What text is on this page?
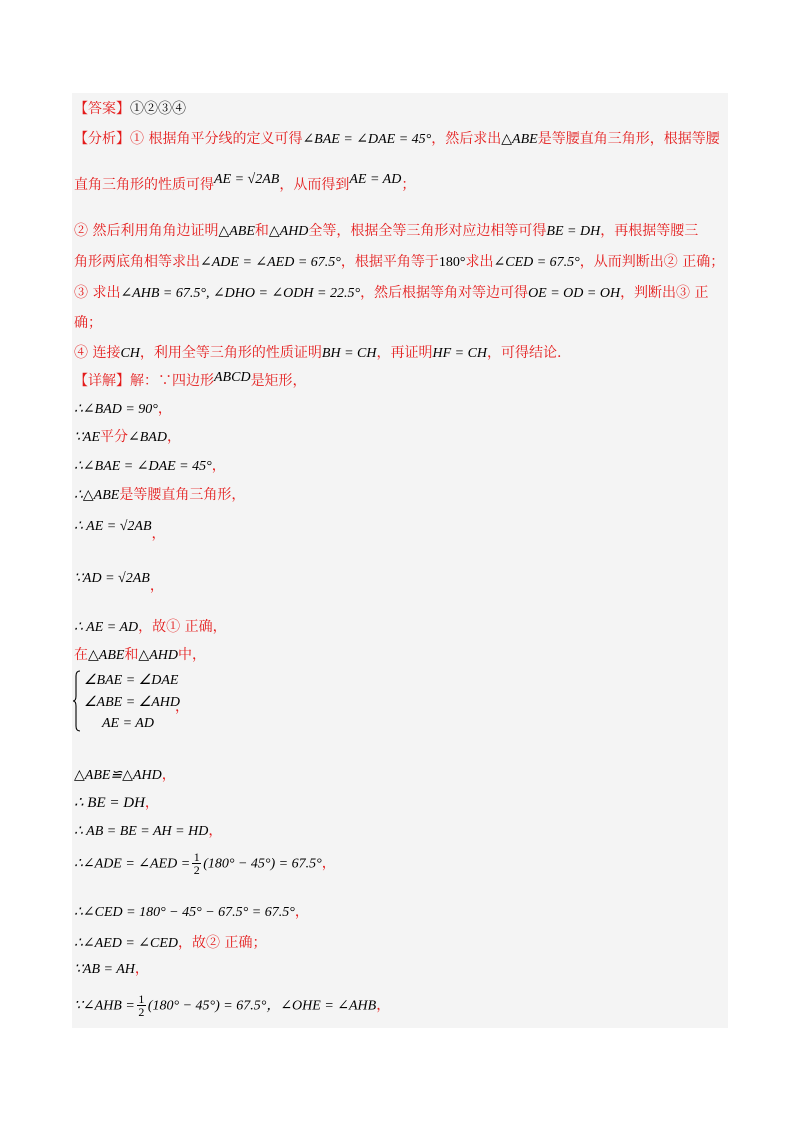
【答案】①②③④
【分析】① 根据角平分线的定义可得∠BAE = ∠DAE = 45°，然后求出△ABE是等腰直角三角形，根据等腰
直角三角形的性质可得AE = √2AB，从而得到AE = AD；
② 然后利用角角边证明△ABE和△AHD全等，根据全等三角形对应边相等可得BE = DH，再根据等腰三
角形两底角相等求出∠ADE = ∠AED = 67.5°，根据平角等于180°求出∠CED = 67.5°，从而判断出② 正确；
③ 求出∠AHB = 67.5°, ∠DHO = ∠ODH = 22.5°，然后根据等角对等边可得OE = OD = OH，判断出③ 正
确；
④ 连接CH，利用全等三角形的性质证明BH = CH，再证明HF = CH，可得结论.
【详解】解：∵四边形ABCD是矩形，
∴∠BAD = 90°，
∵AE平分∠BAD，
∴∠BAE = ∠DAE = 45°，
∴△ABE是等腰直角三角形，
∴ AE = √2AB，
∵AD = √2AB，
∴ AE = AD，故① 正确，
在△ABE和△AHD中，
∠BAE = ∠DAE
∠ABE = ∠AHD
AE = AD
，
△ABE≌△AHD，
∴ BE = DH，
∴ AB = BE = AH = HD，
∴∠ADE = ∠AED = $\frac{1}{2} (180^\circ - 45^\circ) = 67.5^\circ$，
∴∠CED = 180° − 45° − 67.5° = 67.5°，
∴∠AED = ∠CED，故② 正确；
∵AB = AH，
∵∠AHB = $\frac{1}{2} (180^\circ - 45^\circ) = 67.5^\circ$，∠OHE = ∠AHB，
